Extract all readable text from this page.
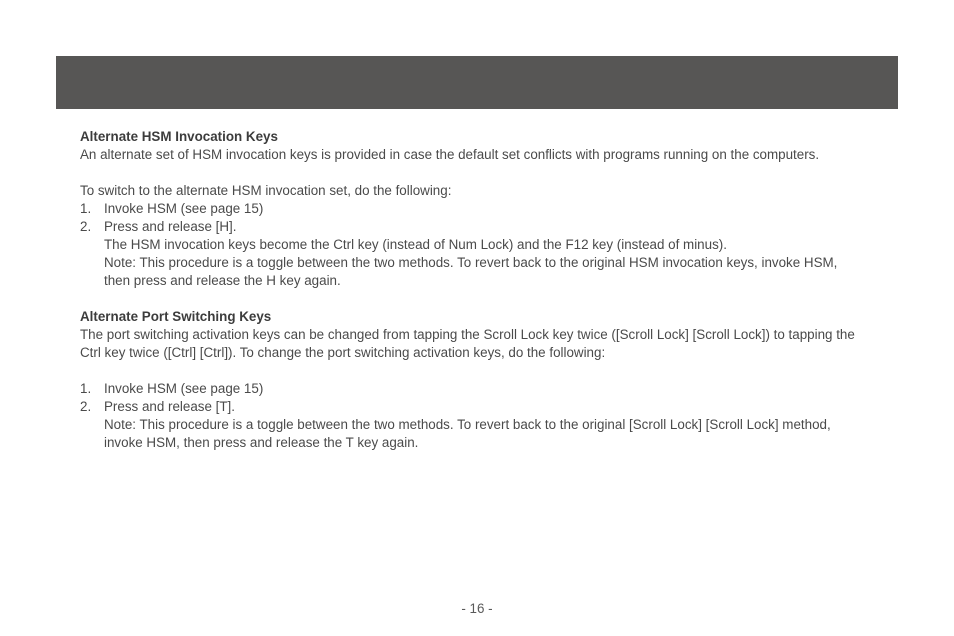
Alternate HSM Invocation Keys

An alternate set of HSM invocation keys is provided in case the default set conflicts with programs running on the computers.

To switch to the alternate HSM invocation set, do the following:

1. Invoke HSM (see page 15)
2. Press and release [H].
The HSM invocation keys become the Ctrl key (instead of Num Lock) and the F12 key (instead of minus).
Note: This procedure is a toggle between the two methods. To revert back to the original HSM invocation keys, invoke HSM, then press and release the H key again.
Alternate Port Switching Keys

The port switching activation keys can be changed from tapping the Scroll Lock key twice ([Scroll Lock] [Scroll Lock]) to tapping the Ctrl key twice ([Ctrl] [Ctrl]). To change the port switching activation keys, do the following:

1. Invoke HSM (see page 15)
2. Press and release [T].
Note: This procedure is a toggle between the two methods. To revert back to the original [Scroll Lock] [Scroll Lock] method, invoke HSM, then press and release the T key again.
- 16 -
